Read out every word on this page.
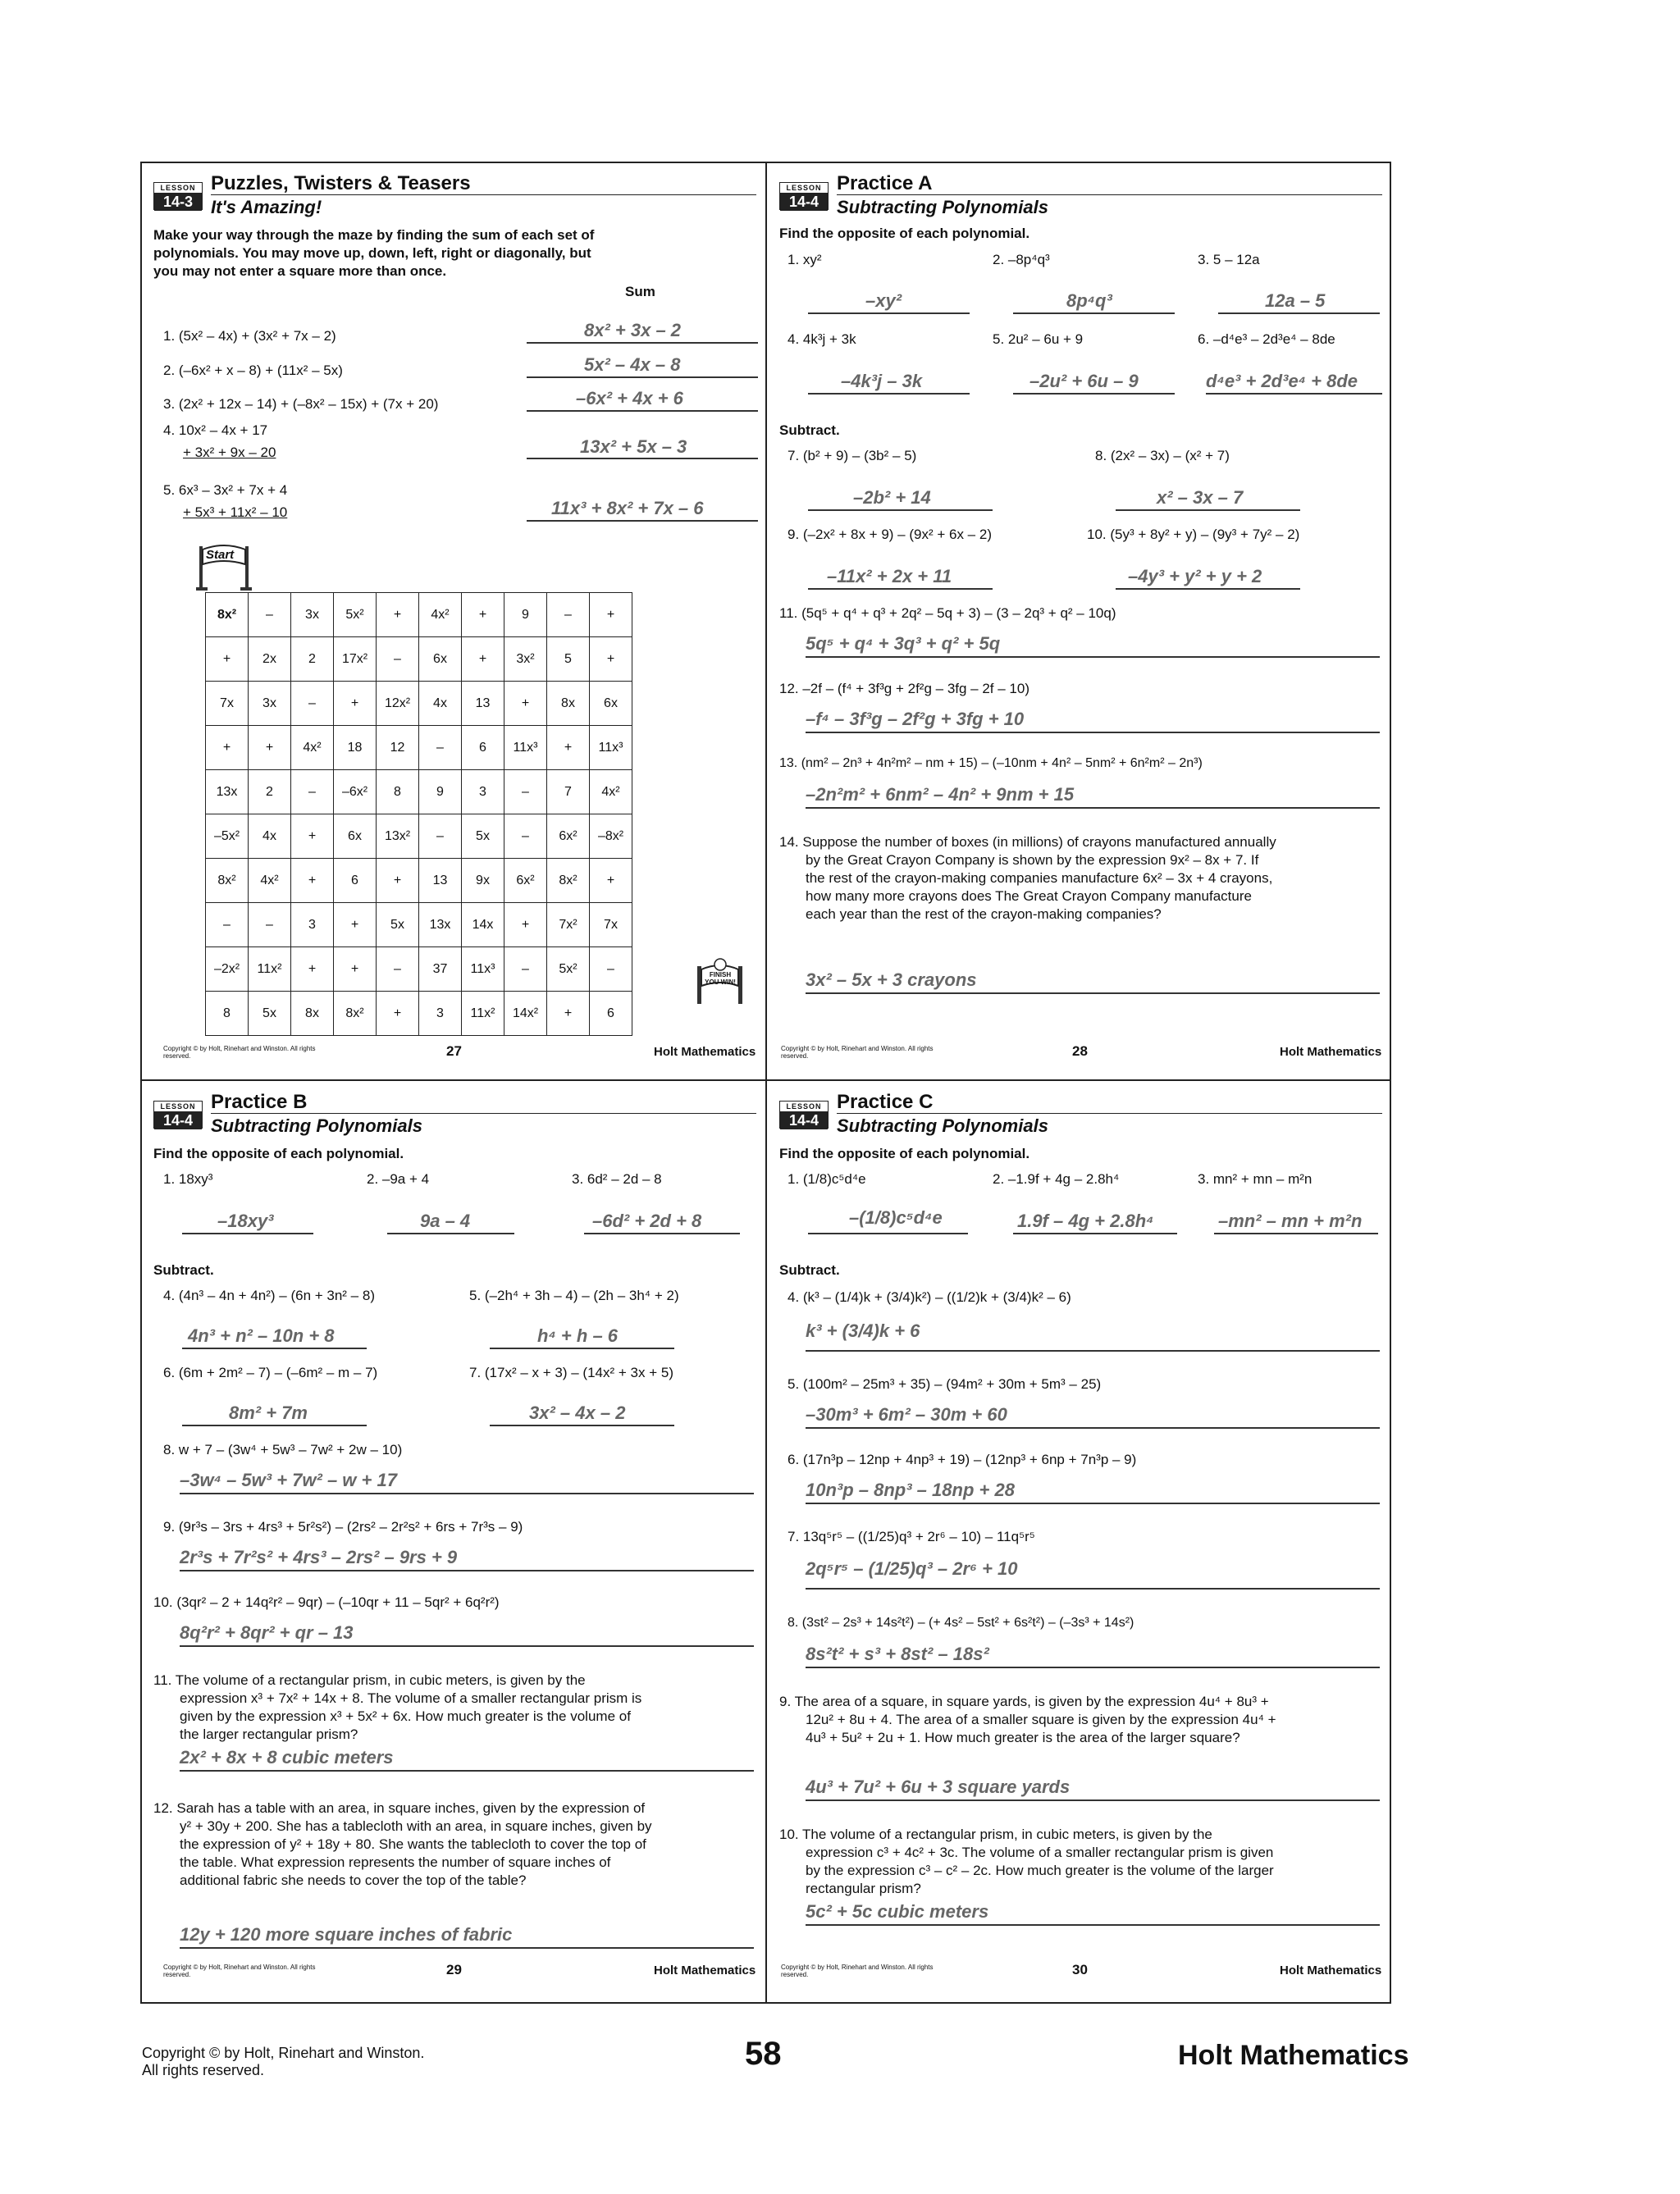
LESSON
14-3
Puzzles, Twisters & Teasers
It's Amazing!
Make your way through the maze by finding the sum of each set of polynomials. You may move up, down, left, right or diagonally, but you may not enter a square more than once.
Sum
1. (5x² – 4x) + (3x² + 7x – 2)	8x² + 3x – 2
2. (–6x² + x – 8) + (11x² – 5x)	5x² – 4x – 8
3. (2x² + 12x – 14) + (–8x² – 15x) + (7x + 20)	–6x² + 4x + 6
4. 10x² – 4x + 17
+ 3x² + 9x – 20	13x² + 5x – 3
5. 6x³ – 3x² + 7x + 4
+ 5x³ + 11x² – 10	11x³ + 8x² + 7x – 6
Start
8x²	–	3x	5x²	+	4x²	+	9	–	+
+	2x	2	17x²	–	6x	+	3x²	5	+
7x	3x	–	+	12x²	4x	13	+	8x	6x
+	+	4x²	18	12	–	6	11x³	+	11x³
13x	2	–	–6x²	8	9	3	–	7	4x²
–5x²	4x	+	6x	13x²	–	5x	–	6x²	–8x²
8x²	4x²	+	6	+	13	9x	6x²	8x²	+
–	–	3	+	5x	13x	14x	+	7x²	7x
–2x²	11x²	+	+	–	37	11x³	–	5x²	–
8	5x	8x	8x²	+	3	11x²	14x²	+	6
FINISH YOU WIN!
Copyright © by Holt, Rinehart and Winston. All rights reserved.	27	Holt Mathematics
LESSON
14-4
Practice A
Subtracting Polynomials
Find the opposite of each polynomial.
1. xy²
–xy²
2. –8p⁴q³
8p⁴q³
3. 5 – 12a
12a – 5
4. 4k³j + 3k
–4k³j – 3k
5. 2u² – 6u + 9
–2u² + 6u – 9
6. –d⁴e³ – 2d³e⁴ – 8de
d⁴e³ + 2d³e⁴ + 8de
Subtract.
7. (b² + 9) – (3b² – 5)
–2b² + 14
8. (2x² – 3x) – (x² + 7)
x² – 3x – 7
9. (–2x² + 8x + 9) – (9x² + 6x – 2)
–11x² + 2x + 11
10. (5y³ + 8y² + y) – (9y³ + 7y² – 2)
–4y³ + y² + y + 2
11. (5q⁵ + q⁴ + q³ + 2q² – 5q + 3) – (3 – 2q³ + q² – 10q)
5q⁵ + q⁴ + 3q³ + q² + 5q
12. –2f – (f⁴ + 3f³g + 2f²g – 3fg – 2f – 10)
–f⁴ – 3f³g – 2f²g + 3fg + 10
13. (nm² – 2n³ + 4n²m² – nm + 15) – (–10nm + 4n² – 5nm² + 6n²m² – 2n³)
–2n²m² + 6nm² – 4n² + 9nm + 15
14. Suppose the number of boxes (in millions) of crayons manufactured annually by the Great Crayon Company is shown by the expression 9x² – 8x + 7. If the rest of the crayon-making companies manufacture 6x² – 3x + 4 crayons, how many more crayons does The Great Crayon Company manufacture each year than the rest of the crayon-making companies?
3x² – 5x + 3 crayons
Copyright © by Holt, Rinehart and Winston. All rights reserved.	28	Holt Mathematics
LESSON
14-4
Practice B
Subtracting Polynomials
Find the opposite of each polynomial.
1. 18xy³
–18xy³
2. –9a + 4
9a – 4
3. 6d² – 2d – 8
–6d² + 2d + 8
Subtract.
4. (4n³ – 4n + 4n²) – (6n + 3n² – 8)
4n³ + n² – 10n + 8
5. (–2h⁴ + 3h – 4) – (2h – 3h⁴ + 2)
h⁴ + h – 6
6. (6m + 2m² – 7) – (–6m² – m – 7)
8m² + 7m
7. (17x² – x + 3) – (14x² + 3x + 5)
3x² – 4x – 2
8. w + 7 – (3w⁴ + 5w³ – 7w² + 2w – 10)
–3w⁴ – 5w³ + 7w² – w + 17
9. (9r³s – 3rs + 4rs³ + 5r²s²) – (2rs² – 2r²s² + 6rs + 7r³s – 9)
2r³s + 7r²s² + 4rs³ – 2rs² – 9rs + 9
10. (3qr² – 2 + 14q²r² – 9qr) – (–10qr + 11 – 5qr² + 6q²r²)
8q²r² + 8qr² + qr – 13
11. The volume of a rectangular prism, in cubic meters, is given by the expression x³ + 7x² + 14x + 8. The volume of a smaller rectangular prism is given by the expression x³ + 5x² + 6x. How much greater is the volume of the larger rectangular prism?
2x² + 8x + 8 cubic meters
12. Sarah has a table with an area, in square inches, given by the expression of y² + 30y + 200. She has a tablecloth with an area, in square inches, given by the expression of y² + 18y + 80. She wants the tablecloth to cover the top of the table. What expression represents the number of square inches of additional fabric she needs to cover the top of the table?
12y + 120 more square inches of fabric
Copyright © by Holt, Rinehart and Winston. All rights reserved.	29	Holt Mathematics
LESSON
14-4
Practice C
Subtracting Polynomials
Find the opposite of each polynomial.
1. (1/8)c⁵d⁴e
–(1/8)c⁵d⁴e
2. –1.9f + 4g – 2.8h⁴
1.9f – 4g + 2.8h⁴
3. mn² + mn – m²n
–mn² – mn + m²n
Subtract.
4. (k³ – (1/4)k + (3/4)k²) – ((1/2)k + (3/4)k² – 6)
k³ + (3/4)k + 6
5. (100m² – 25m³ + 35) – (94m² + 30m + 5m³ – 25)
–30m³ + 6m² – 30m + 60
6. (17n³p – 12np + 4np³ + 19) – (12np³ + 6np + 7n³p – 9)
10n³p – 8np³ – 18np + 28
7. 13q⁵r⁵ – ((1/25)q³ + 2r⁶ – 10) – 11q⁵r⁵
2q⁵r⁵ – (1/25)q³ – 2r⁶ + 10
8. (3st² – 2s³ + 14s²t²) – (+ 4s² – 5st² + 6s²t²) – (–3s³ + 14s²)
8s²t² + s³ + 8st² – 18s²
9. The area of a square, in square yards, is given by the expression 4u⁴ + 8u³ + 12u² + 8u + 4. The area of a smaller square is given by the expression 4u⁴ + 4u³ + 5u² + 2u + 1. How much greater is the area of the larger square?
4u³ + 7u² + 6u + 3 square yards
10. The volume of a rectangular prism, in cubic meters, is given by the expression c³ + 4c² + 3c. The volume of a smaller rectangular prism is given by the expression c³ – c² – 2c. How much greater is the volume of the larger rectangular prism?
5c² + 5c cubic meters
Copyright © by Holt, Rinehart and Winston. All rights reserved.	30	Holt Mathematics
Copyright © by Holt, Rinehart and Winston.
All rights reserved.	58	Holt Mathematics
